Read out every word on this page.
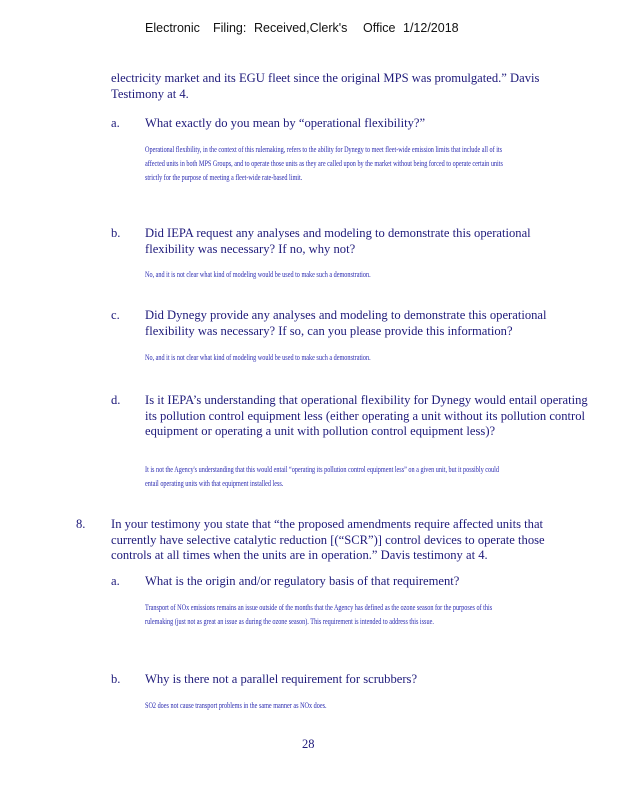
Electronic Filing: Received,Clerk's Office 1/12/2018
electricity market and its EGU fleet since the original MPS was promulgated.” Davis Testimony at 4.
a. What exactly do you mean by “operational flexibility?”
Operational flexibility, in the context of this rulemaking, refers to the ability for Dynegy to meet fleet-wide emission limits that include all of its affected units in both MPS Groups, and to operate those units as they are called upon by the market without being forced to operate certain units strictly for the purpose of meeting a fleet-wide rate-based limit.
b. Did IEPA request any analyses and modeling to demonstrate this operational flexibility was necessary? If no, why not?
No, and it is not clear what kind of modeling would be used to make such a demonstration.
c. Did Dynegy provide any analyses and modeling to demonstrate this operational flexibility was necessary? If so, can you please provide this information?
No, and it is not clear what kind of modeling would be used to make such a demonstration.
d. Is it IEPA’s understanding that operational flexibility for Dynegy would entail operating its pollution control equipment less (either operating a unit without its pollution control equipment or operating a unit with pollution control equipment less)?
It is not the Agency's understanding that this would entail “operating its pollution control equipment less” on a given unit, but it possibly could entail operating units with that equipment installed less.
8. In your testimony you state that “the proposed amendments require affected units that currently have selective catalytic reduction [(“SCR”)] control devices to operate those controls at all times when the units are in operation.” Davis testimony at 4.
a. What is the origin and/or regulatory basis of that requirement?
Transport of NOx emissions remains an issue outside of the months that the Agency has defined as the ozone season for the purposes of this rulemaking (just not as great an issue as during the ozone season). This requirement is intended to address this issue.
b. Why is there not a parallel requirement for scrubbers?
SO2 does not cause transport problems in the same manner as NOx does.
28
